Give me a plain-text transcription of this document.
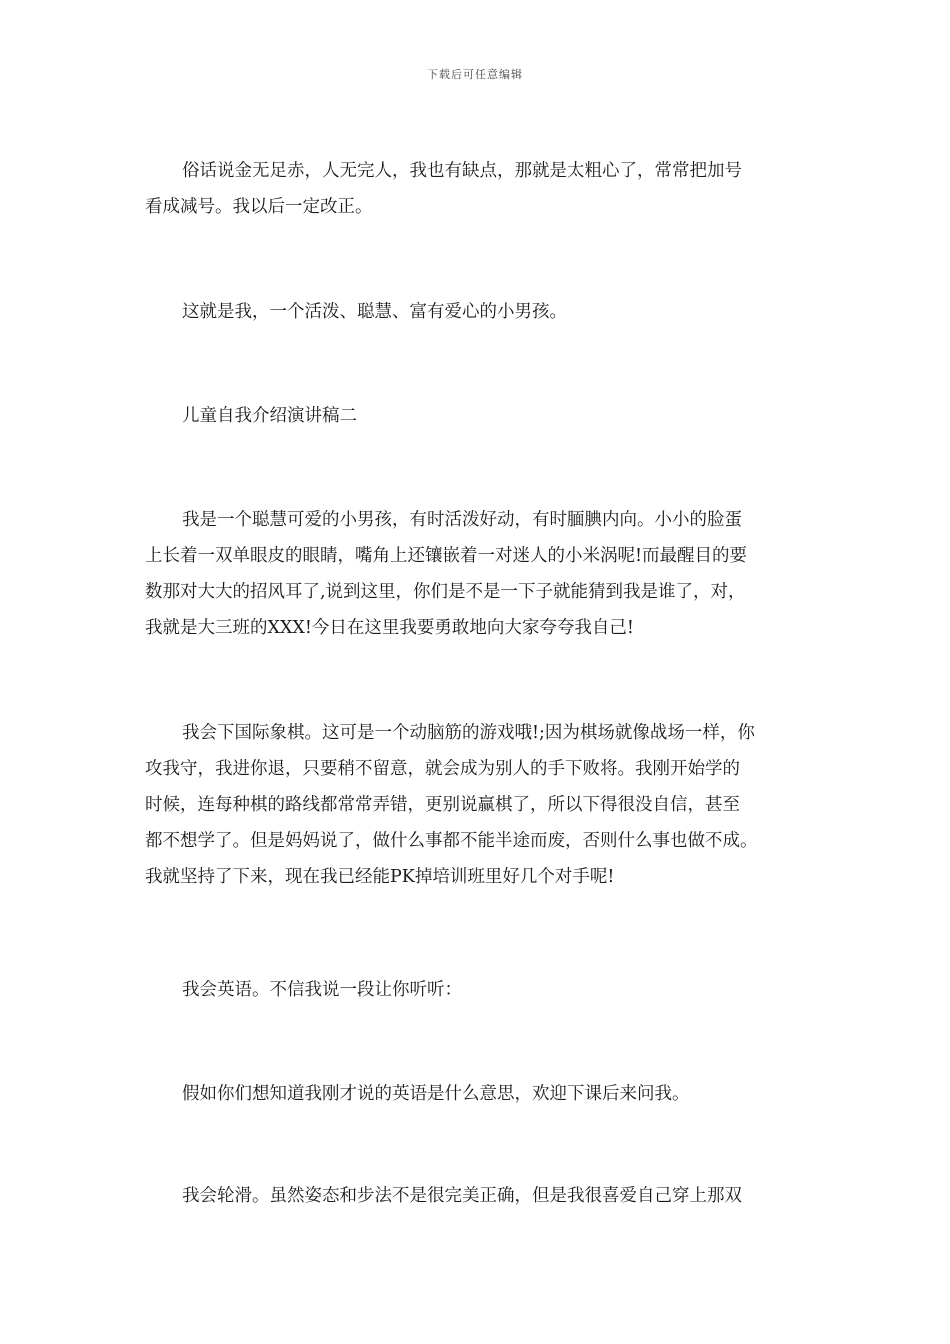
下载后可任意编辑
俗话说金无足赤，人无完人，我也有缺点，那就是太粗心了，常常把加号
看成减号。我以后一定改正。
这就是我，一个活泼、聪慧、富有爱心的小男孩。
儿童自我介绍演讲稿二
我是一个聪慧可爱的小男孩，有时活泼好动，有时腼腆内向。小小的脸蛋
上长着一双单眼皮的眼睛，嘴角上还镶嵌着一对迷人的小米涡呢!而最醒目的要
数那对大大的招风耳了,说到这里，你们是不是一下子就能猜到我是谁了，对，
我就是大三班的XXX!今日在这里我要勇敢地向大家夸夸我自己!
我会下国际象棋。这可是一个动脑筋的游戏哦!;因为棋场就像战场一样，你
攻我守，我进你退，只要稍不留意，就会成为别人的手下败将。我刚开始学的
时候，连每种棋的路线都常常弄错，更别说赢棋了，所以下得很没自信，甚至
都不想学了。但是妈妈说了，做什么事都不能半途而废，否则什么事也做不成。
我就坚持了下来，现在我已经能PK掉培训班里好几个对手呢!
我会英语。不信我说一段让你听听：
假如你们想知道我刚才说的英语是什么意思，欢迎下课后来问我。
我会轮滑。虽然姿态和步法不是很完美正确，但是我很喜爱自己穿上那双
